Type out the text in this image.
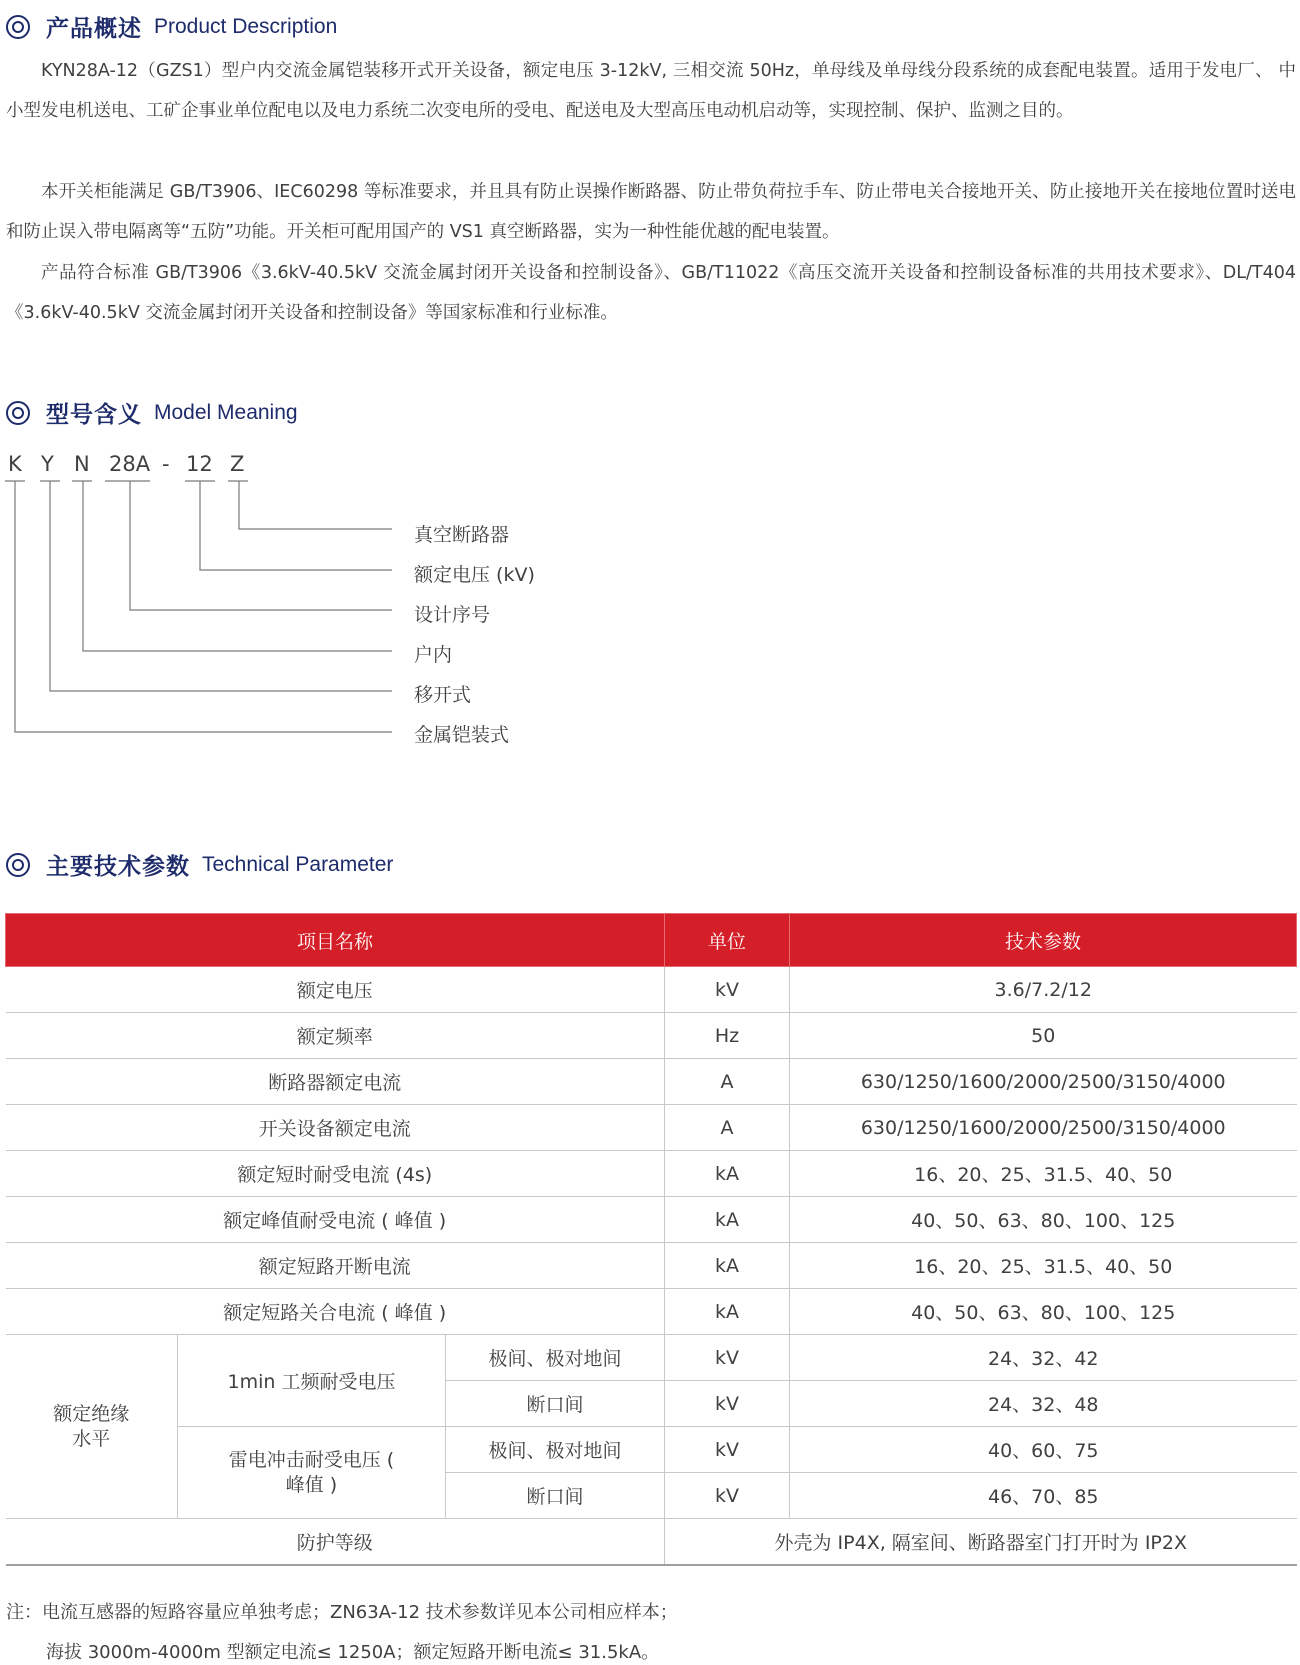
产品概述 Product Description

KYN28A-12（GZS1）型户内交流金属铠装移开式开关设备，额定电压 3-12kV, 三相交流 50Hz，单母线及单母线分段系统的成套配电装置。适用于发电厂、 中小型发电机送电、工矿企事业单位配电以及电力系统二次变电所的受电、配送电及大型高压电动机启动等，实现控制、保护、监测之目的。

本开关柜能满足 GB/T3906、IEC60298 等标准要求，并且具有防止误操作断路器、防止带负荷拉手车、防止带电关合接地开关、防止接地开关在接地位置时送电和防止误入带电隔离等“五防”功能。开关柜可配用国产的 VS1 真空断路器，实为一种性能优越的配电装置。

产品符合标准 GB/T3906《3.6kV-40.5kV 交流金属封闭开关设备和控制设备》、GB/T11022《高压交流开关设备和控制设备标准的共用技术要求》、DL/T404《3.6kV-40.5kV 交流金属封闭开关设备和控制设备》等国家标准和行业标准。

型号含义 Model Meaning
K Y N 28A - 12 Z
真空断路器
额定电压 (kV)
设计序号
户内
移开式
金属铠装式
主要技术参数 Technical Parameter
项目名称			单位	技术参数
额定电压			kV	3.6/7.2/12
额定频率			Hz	50
断路器额定电流			A	630/1250/1600/2000/2500/3150/4000
开关设备额定电流			A	630/1250/1600/2000/2500/3150/4000
额定短时耐受电流 (4s)			kA	16、20、25、31.5、40、50
额定峰值耐受电流 ( 峰值 )			kA	40、50、63、80、100、125
额定短路开断电流			kA	16、20、25、31.5、40、50
额定短路关合电流 ( 峰值 )			kA	40、50、63、80、100、125

额定绝缘水平	1min 工频耐受电压	极间、极对地间	kV	24、32、42
		断口间	kV	24、32、48

	雷电冲击耐受电压 ( 峰值 )	极间、极对地间	kV	40、60、75
		断口间	kV	46、70、85
防护等级			外壳为 IP4X, 隔室间、断路器室门打开时为 IP2X	

注：电流互感器的短路容量应单独考虑；ZN63A-12 技术参数详见本公司相应样本；

海拔 3000m-4000m 型额定电流≤ 1250A；额定短路开断电流≤ 31.5kA。
